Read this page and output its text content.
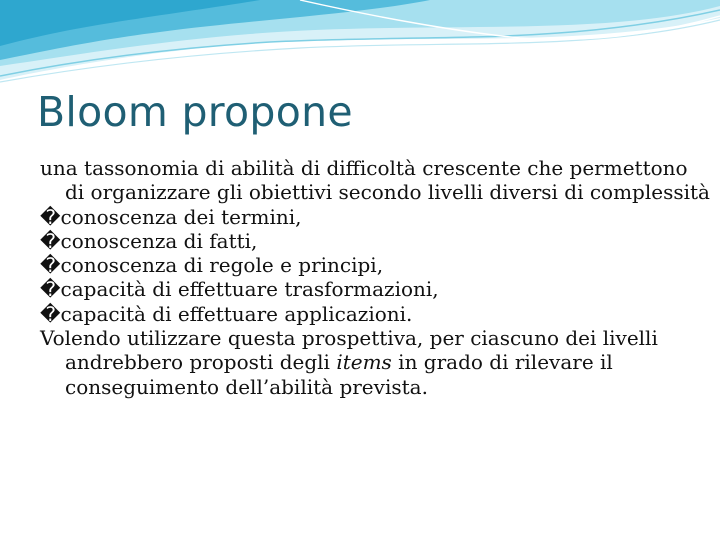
Bloom propone

una tassonomia di abilità di difficoltà crescente che permettono di organizzare gli obiettivi secondo livelli diversi di complessità

�conoscenza dei termini,

�conoscenza di fatti,

�conoscenza di regole e principi,

�capacità di effettuare trasformazioni,

�capacità di effettuare applicazioni.

Volendo utilizzare questa prospettiva, per ciascuno dei livelli andrebbero proposti degli items in grado di rilevare il conseguimento dell’abilità prevista.
